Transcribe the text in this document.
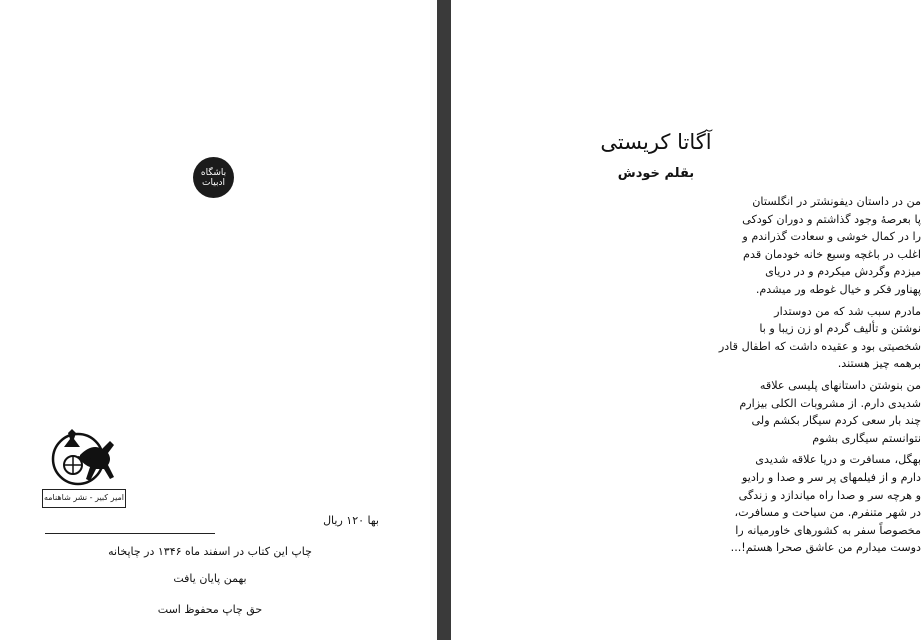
باشگاه
ادبیات
امیر کبیر - نشر شاهنامه
بها ۱۲۰ ریال
چاپ این کتاب در اسفند ماه ۱۳۴۶ در چاپخانه
بهمن پایان یافت
حق چاپ محفوظ است
آگاتا کریستی
بقلم خودش
من در داستان دیفونشتر در انگلستان
پا بعرصهٔ وجود گذاشتم و دوران کودکی
را در کمال خوشی و سعادت گذراندم و
اغلب در باغچه وسیع خانه خودمان قدم
میزدم وگردش میکردم و در دریای
پهناور فکر و خیال غوطه ور میشدم.
مادرم سبب شد که من دوستدار
نوشتن و تألیف گردم او زن زیبا و با
شخصیتی بود و عقیده داشت که اطفال قادر
برهمه چیز هستند.
من بنوشتن داستانهای پلیسی علاقه
شدیدی دارم. از مشروبات الکلی بیزارم
چند بار سعی کردم سیگار بکشم ولی
نتوانستم سیگاری بشوم
بهگل، مسافرت و دریا علاقه شدیدی
دارم و از فیلمهای پر سر و صدا و رادیو
و هرچه سر و صدا راه میاندازد و زندگی
در شهر متنفرم. من سیاحت و مسافرت،
مخصوصاً سفر به کشورهای خاورمیانه را
دوست میدارم من عاشق صحرا هستم!...
